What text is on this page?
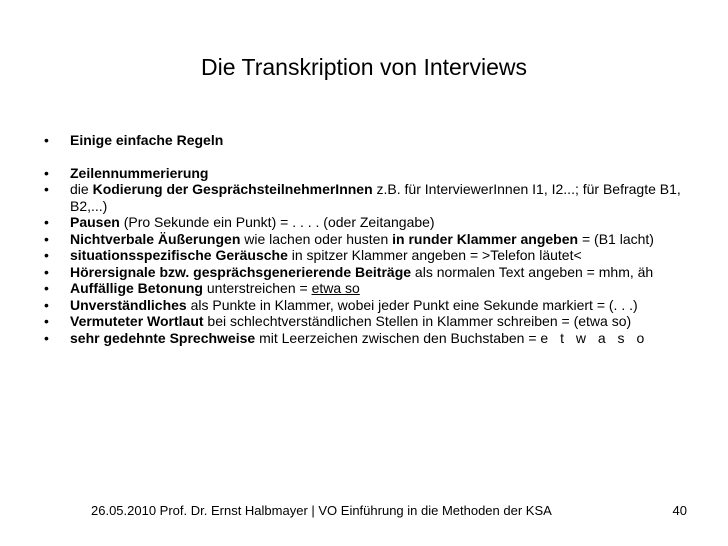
Die Transkription von Interviews
• Einige einfache Regeln
• Zeilennummerierung
• die Kodierung der GesprächsteilnehmerInnen z.B. für InterviewerInnen I1, I2...; für Befragte B1, B2,...)
• Pausen (Pro Sekunde ein Punkt) = . . . . (oder Zeitangabe)
• Nichtverbale Äußerungen wie lachen oder husten in runder Klammer angeben = (B1 lacht)
• situationsspezifische Geräusche in spitzer Klammer angeben = >Telefon läutet<
• Hörersignale bzw. gesprächsgenerierende Beiträge als normalen Text angeben = mhm, äh
• Auffällige Betonung unterstreichen = etwa so
• Unverständliches als Punkte in Klammer, wobei jeder Punkt eine Sekunde markiert = (. . .)
• Vermuteter Wortlaut bei schlechtverständlichen Stellen in Klammer schreiben = (etwa so)
• sehr gedehnte Sprechweise mit Leerzeichen zwischen den Buchstaben = e t w a s o
26.05.2010 Prof. Dr. Ernst Halbmayer | VO Einführung in die Methoden der KSA	40
